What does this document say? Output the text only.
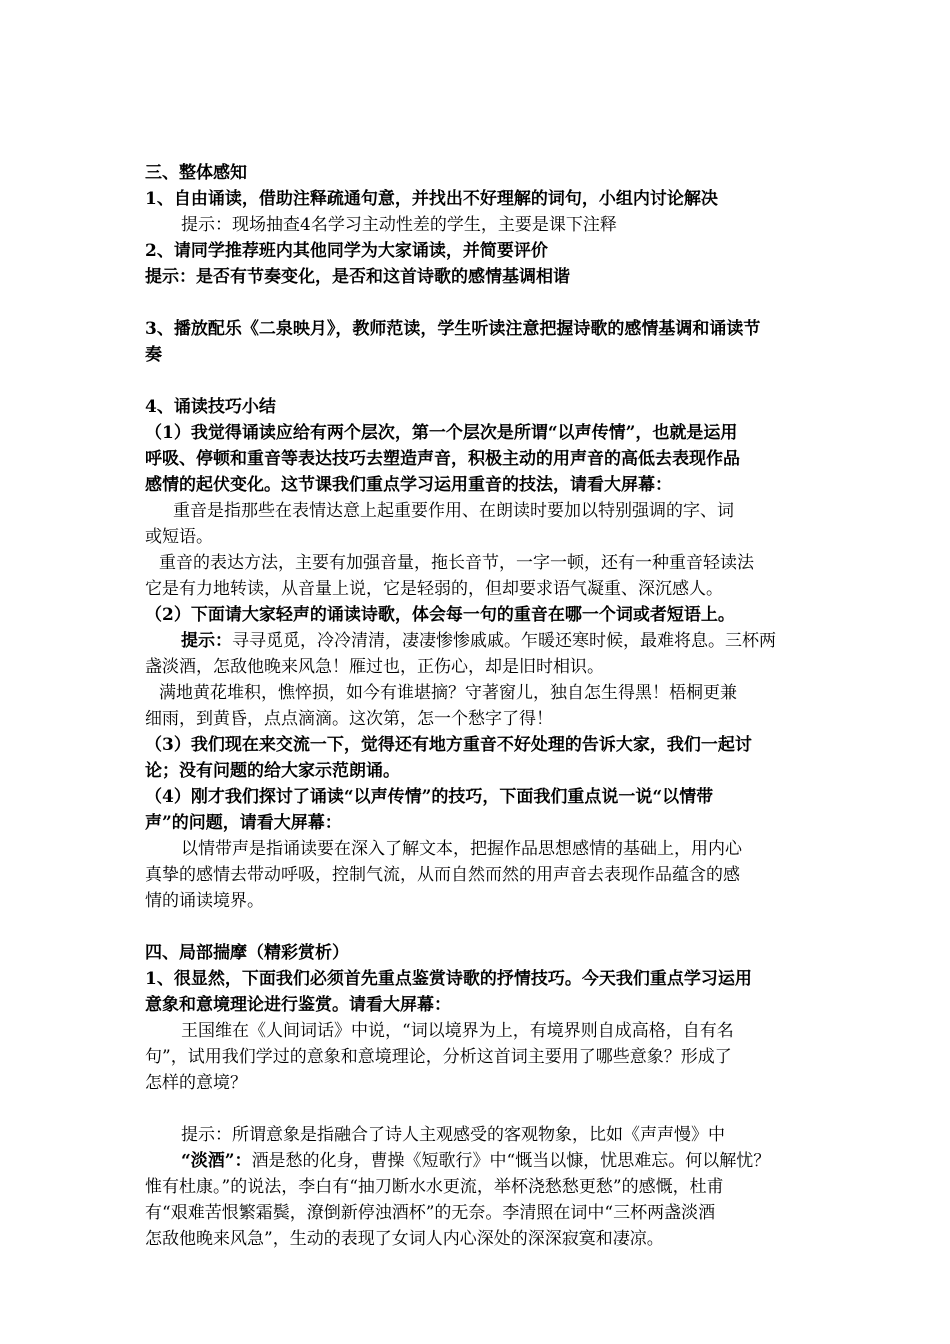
三、整体感知
1、自由诵读，借助注释疏通句意，并找出不好理解的词句，小组内讨论解决
提示：现场抽查4名学习主动性差的学生，主要是课下注释
2、请同学推荐班内其他同学为大家诵读，并简要评价
提示：是否有节奏变化，是否和这首诗歌的感情基调相谐
3、播放配乐《二泉映月》，教师范读，学生听读注意把握诗歌的感情基调和诵读节
奏
4、诵读技巧小结
（1）我觉得诵读应给有两个层次，第一个层次是所谓“以声传情”，也就是运用
呼吸、停顿和重音等表达技巧去塑造声音，积极主动的用声音的高低去表现作品
感情的起伏变化。这节课我们重点学习运用重音的技法，请看大屏幕：
重音是指那些在表情达意上起重要作用、在朗读时要加以特别强调的字、词
或短语。
重音的表达方法，主要有加强音量，拖长音节，一字一顿，还有一种重音轻读法
它是有力地转读，从音量上说，它是轻弱的，但却要求语气凝重、深沉感人。
（2）下面请大家轻声的诵读诗歌，体会每一句的重音在哪一个词或者短语上。
提示：寻寻觅觅，冷冷清清，凄凄惨惨戚戚。乍暖还寒时候，最难将息。三杯两
盏淡酒，怎敌他晚来风急！雁过也，正伤心，却是旧时相识。
满地黄花堆积，憔悴损，如今有谁堪摘？守著窗儿，独自怎生得黑！梧桐更兼
细雨，到黄昏，点点滴滴。这次第，怎一个愁字了得！
（3）我们现在来交流一下，觉得还有地方重音不好处理的告诉大家，我们一起讨
论；没有问题的给大家示范朗诵。
（4）刚才我们探讨了诵读“以声传情”的技巧，下面我们重点说一说“以情带
声”的问题，请看大屏幕：
以情带声是指诵读要在深入了解文本，把握作品思想感情的基础上，用内心
真挚的感情去带动呼吸，控制气流，从而自然而然的用声音去表现作品蕴含的感
情的诵读境界。
四、局部揣摩（精彩赏析）
1、很显然，下面我们必须首先重点鉴赏诗歌的抒情技巧。今天我们重点学习运用
意象和意境理论进行鉴赏。请看大屏幕：
王国维在《人间词话》中说，“词以境界为上，有境界则自成高格，自有名
句”，试用我们学过的意象和意境理论，分析这首词主要用了哪些意象？形成了
怎样的意境？
提示：所谓意象是指融合了诗人主观感受的客观物象，比如《声声慢》中
“淡酒”：酒是愁的化身，曹操《短歌行》中“慨当以慷，忧思难忘。何以解忧？
惟有杜康。”的说法，李白有“抽刀断水水更流，举杯浇愁愁更愁”的感慨，杜甫
有“艰难苦恨繁霜鬓，潦倒新停浊酒杯”的无奈。李清照在词中“三杯两盏淡酒
怎敌他晚来风急”，生动的表现了女词人内心深处的深深寂寞和凄凉。
